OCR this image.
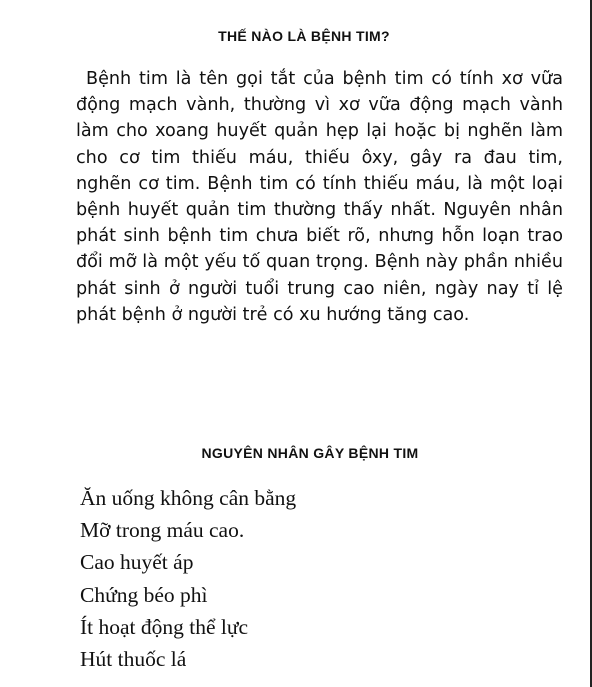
THẾ NÀO LÀ BỆNH TIM?

Bệnh tim là tên gọi tắt của bệnh tim có tính xơ vữa động mạch vành, thường vì xơ vữa động mạch vành làm cho xoang huyết quản hẹp lại hoặc bị nghẽn làm cho cơ tim thiếu máu, thiếu ôxy, gây ra đau tim, nghẽn cơ tim. Bệnh tim có tính thiếu máu, là một loại bệnh huyết quản tim thường thấy nhất. Nguyên nhân phát sinh bệnh tim chưa biết rõ, nhưng hỗn loạn trao đổi mỡ là một yếu tố quan trọng. Bệnh này phần nhiều phát sinh ở người tuổi trung cao niên, ngày nay tỉ lệ phát bệnh ở người trẻ có xu hướng tăng cao.

NGUYÊN NHÂN GÂY BỆNH TIM
Ăn uống không cân bằng
Mỡ trong máu cao.
Cao huyết áp
Chứng béo phì
Ít hoạt động thể lực
Hút thuốc lá
